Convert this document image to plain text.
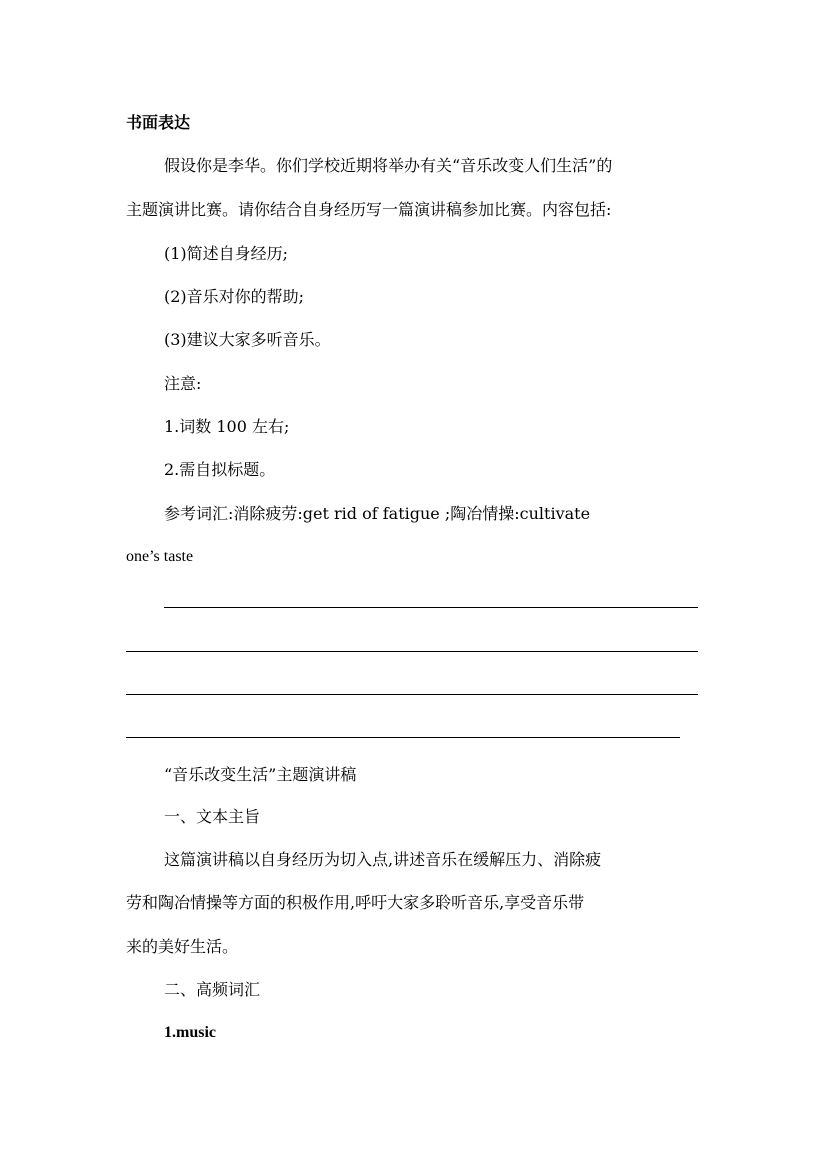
书面表达
假设你是李华。你们学校近期将举办有关“音乐改变人们生活”的
主题演讲比赛。请你结合自身经历写一篇演讲稿参加比赛。内容包括:
(1)简述自身经历;
(2)音乐对你的帮助;
(3)建议大家多听音乐。
注意:
1.词数 100 左右;
2.需自拟标题。
参考词汇:消除疲劳:get rid of fatigue ;陶冶情操:cultivate
one’s taste
“音乐改变生活”主题演讲稿
一、文本主旨
这篇演讲稿以自身经历为切入点,讲述音乐在缓解压力、消除疲
劳和陶冶情操等方面的积极作用,呼吁大家多聆听音乐,享受音乐带
来的美好生活。
二、高频词汇
1.music
